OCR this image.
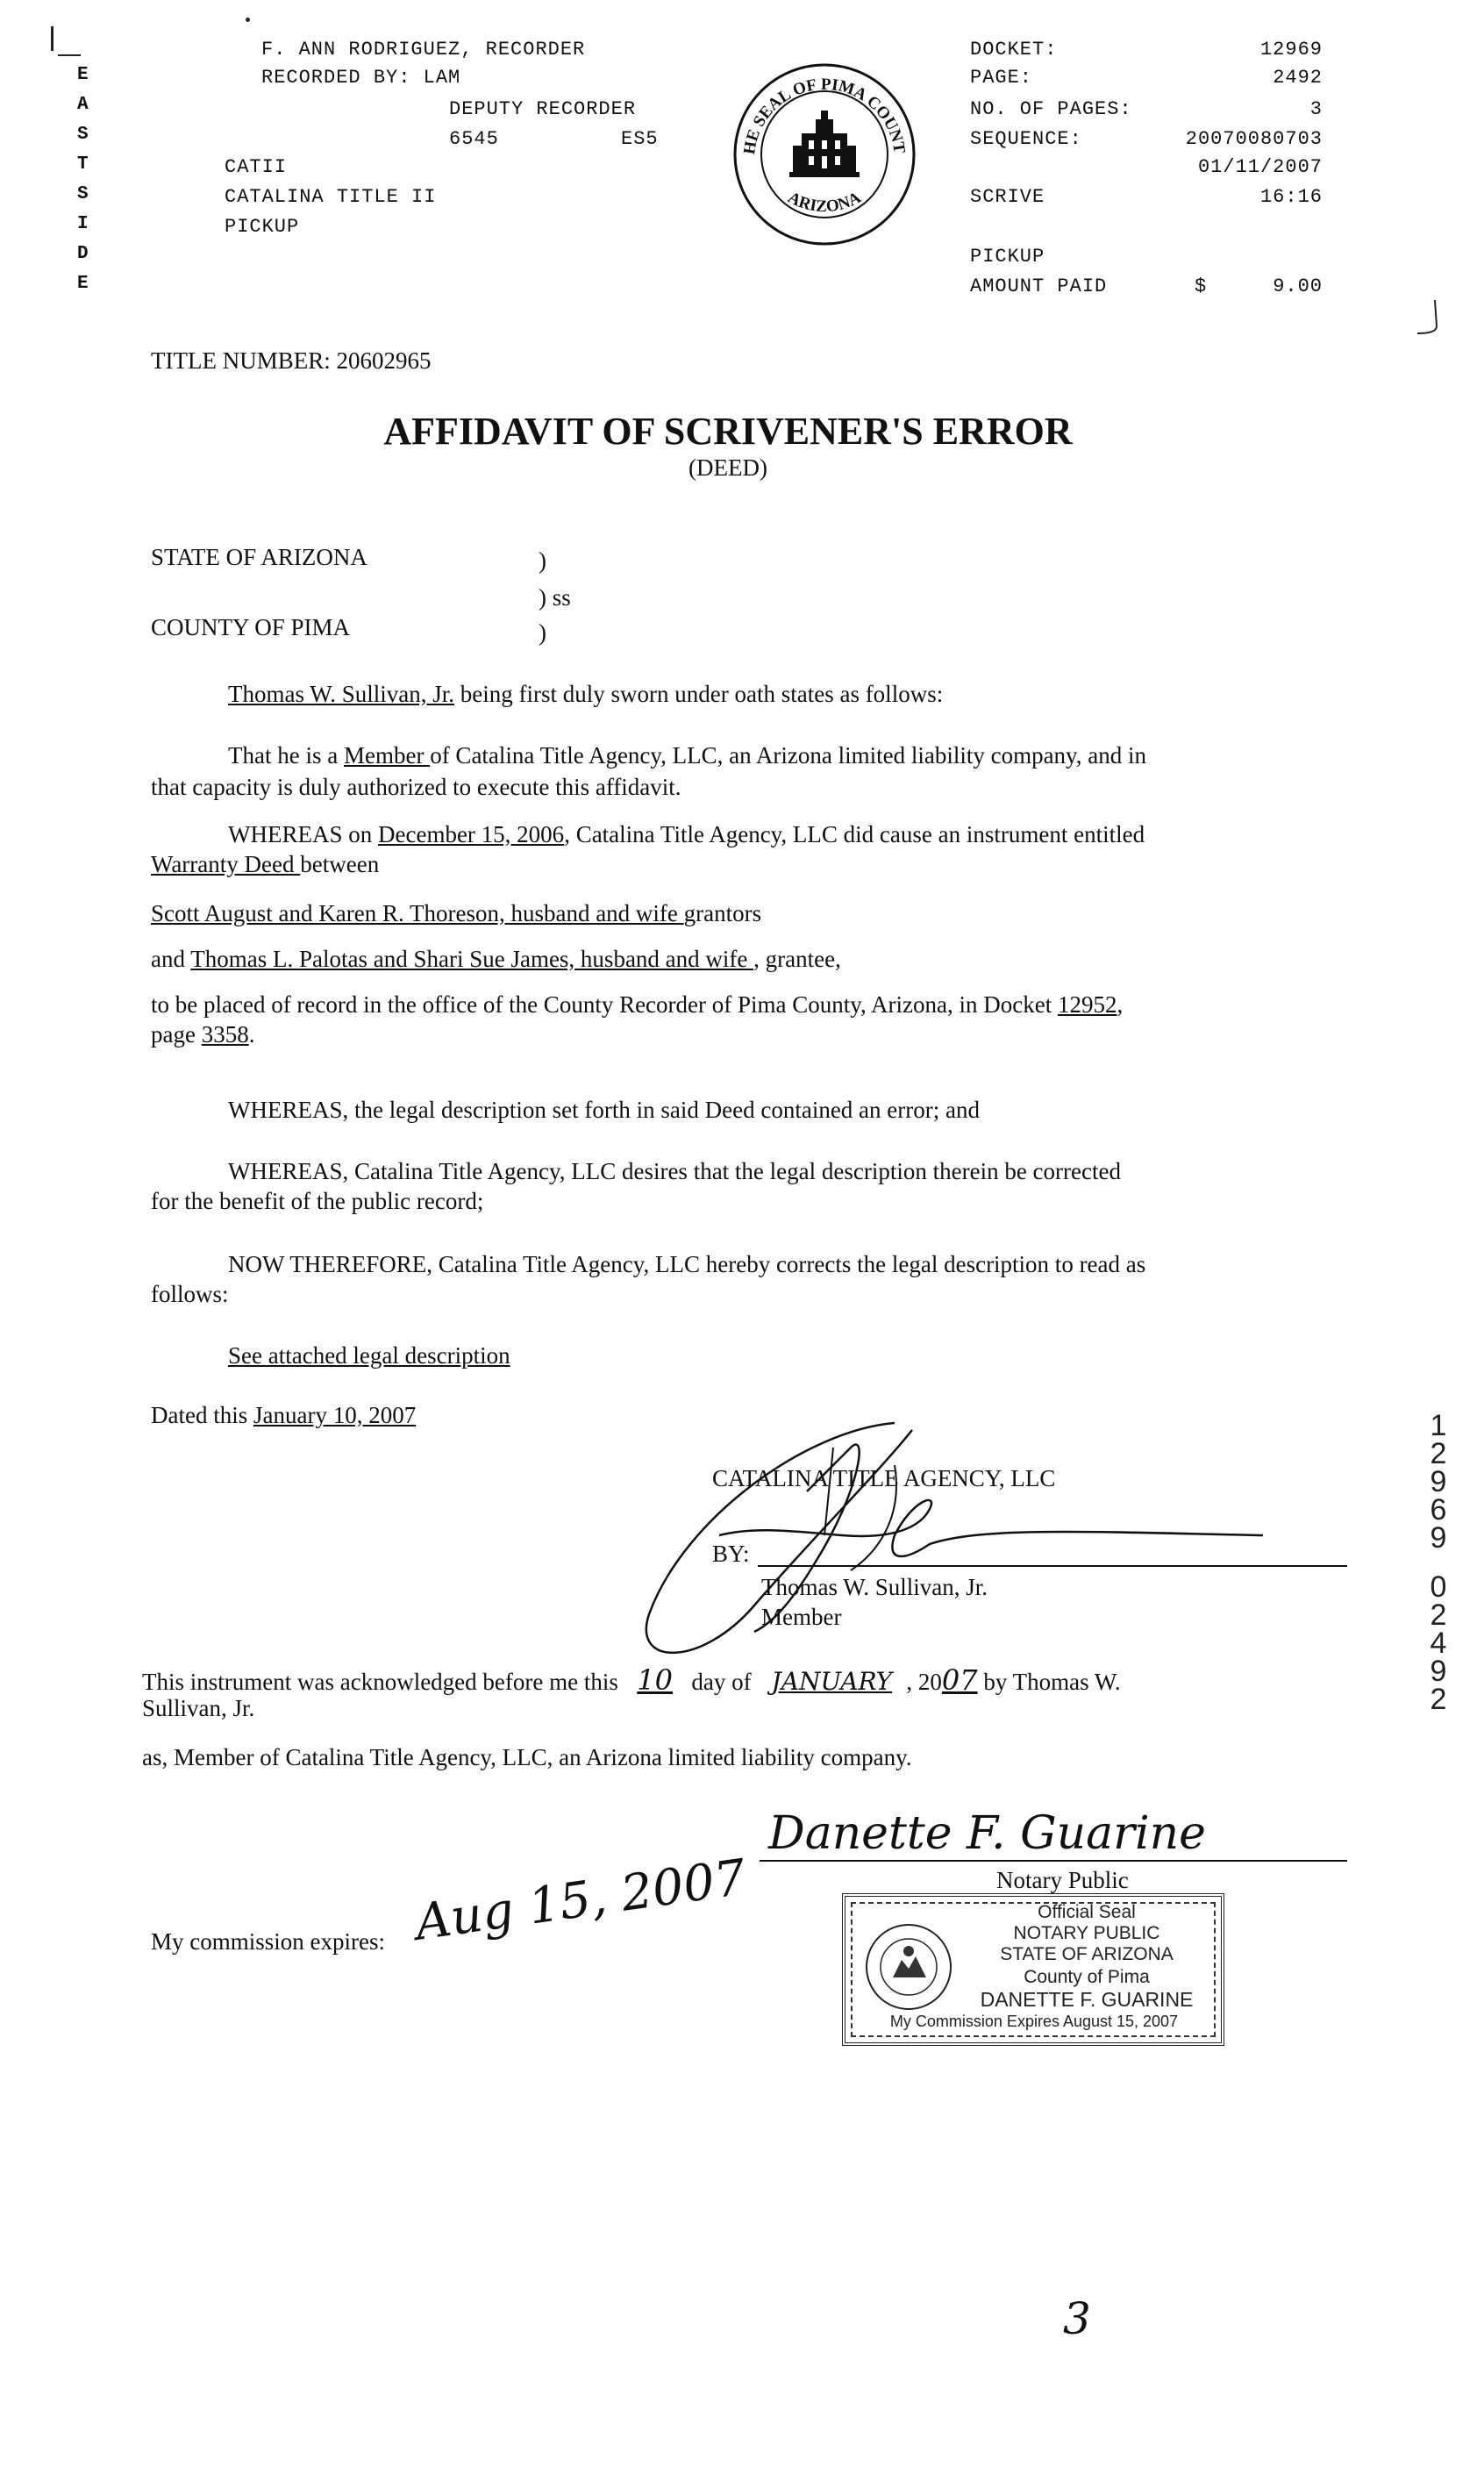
E
A
S
T
S
I
D
E
F. ANN RODRIGUEZ, RECORDER
RECORDED BY: LAM
DEPUTY RECORDER
6545	ES5
CATII
CATALINA TITLE II
PICKUP
HE SEAL OF PIMA COUNT
ARIZONA
DOCKET:	12969
PAGE:	2492
NO. OF PAGES:	3
SEQUENCE:	20070080703
01/11/2007
SCRIVE	16:16
PICKUP
AMOUNT PAID	$	9.00
TITLE NUMBER: 20602965
AFFIDAVIT OF SCRIVENER'S ERROR
(DEED)
STATE OF ARIZONA	)
) ss
)
COUNTY OF PIMA
Thomas W. Sullivan, Jr. being first duly sworn under oath states as follows:
That he is a Member of Catalina Title Agency, LLC, an Arizona limited liability company, and in
that capacity is duly authorized to execute this affidavit.
WHEREAS on December 15, 2006, Catalina Title Agency, LLC did cause an instrument entitled
Warranty Deed between
Scott August and Karen R. Thoreson, husband and wife grantors
and Thomas L. Palotas and Shari Sue James, husband and wife , grantee,
to be placed of record in the office of the County Recorder of Pima County, Arizona, in Docket 12952,
page 3358.
WHEREAS, the legal description set forth in said Deed contained an error; and
WHEREAS, Catalina Title Agency, LLC desires that the legal description therein be corrected
for the benefit of the public record;
NOW THEREFORE, Catalina Title Agency, LLC hereby corrects the legal description to read as
follows:
See attached legal description
Dated this January 10, 2007
CATALINA TITLE AGENCY, LLC
BY:
Thomas W. Sullivan, Jr.
Member
This instrument was acknowledged before me this 10 day of JANUARY , 2007 by Thomas W.
Sullivan, Jr.
as, Member of Catalina Title Agency, LLC, an Arizona limited liability company.
Danette F. Guarine
Notary Public
My commission expires: Aug 15, 2007	Official Seal
NOTARY PUBLIC
STATE OF ARIZONA
County of Pima
DANETTE F. GUARINE
My Commission Expires August 15, 2007
1
2
9
6
9
0
2
4
9
2
3
